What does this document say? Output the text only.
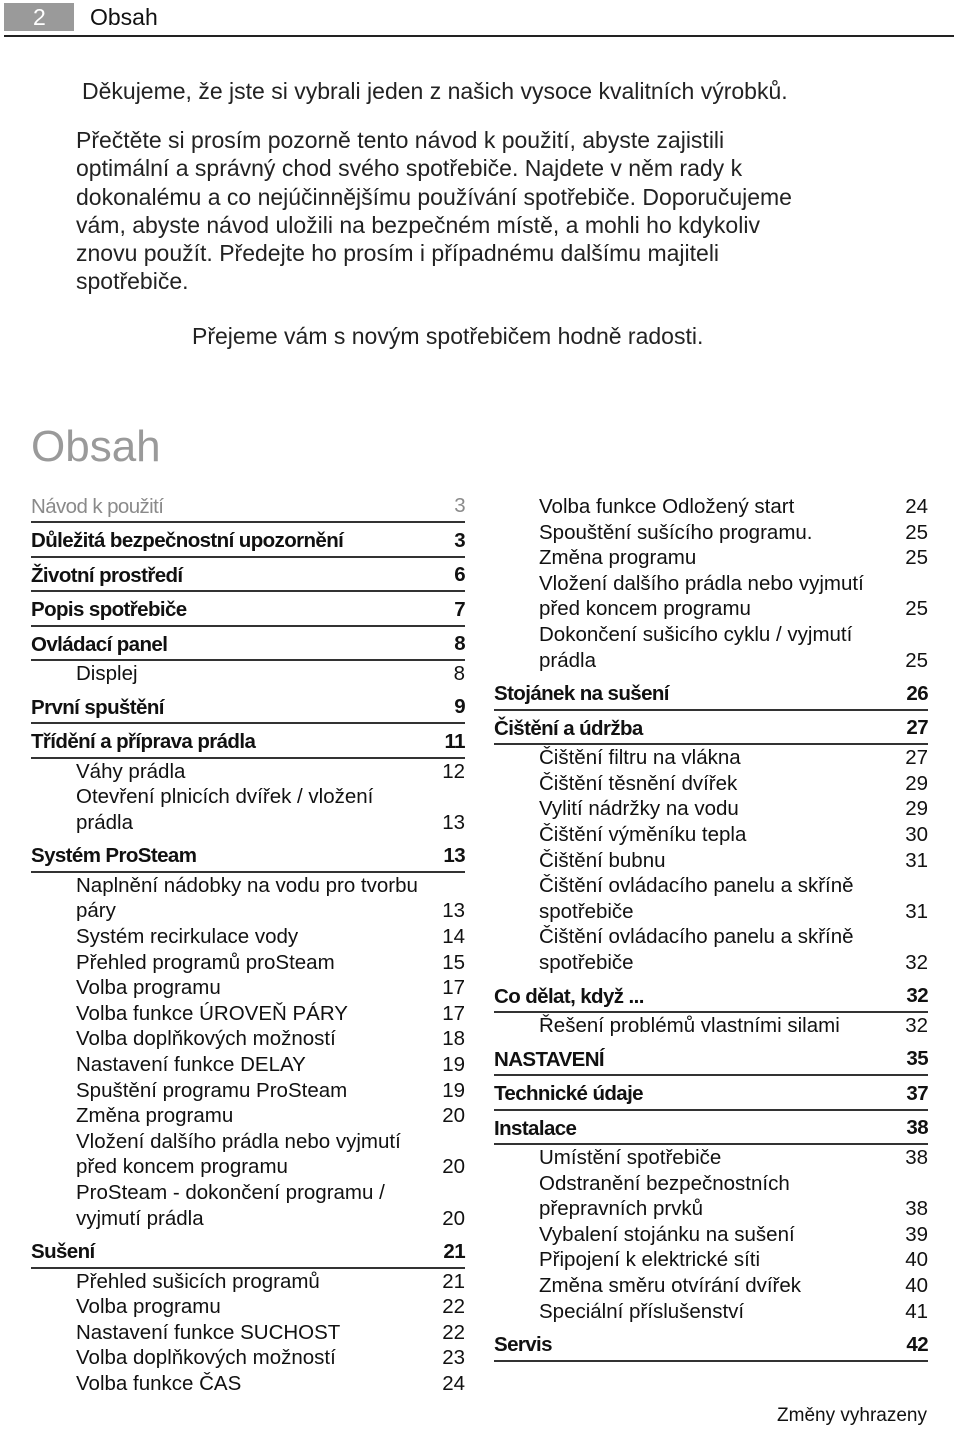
2	Obsah
Děkujeme, že jste si vybrali jeden z našich vysoce kvalitních výrobků.
Přečtěte si prosím pozorně tento návod k použití, abyste zajistili
optimální a správný chod svého spotřebiče. Najdete v něm rady k
dokonalému a co nejúčinnějšímu používání spotřebiče. Doporučujeme
vám, abyste návod uložili na bezpečném místě, a mohli ho kdykoliv
znovu použít. Předejte ho prosím i případnému dalšímu majiteli
spotřebiče.
Přejeme vám s novým spotřebičem hodně radosti.
Obsah
Návod k použití	3
Důležitá bezpečnostní upozornění	3
Životní prostředí	6
Popis spotřebiče	7
Ovládací panel	8
Displej	8
První spuštění	9
Třídění a příprava prádla	11
Váhy prádla	12
Otevření plnicích dvířek / vložení prádla	13
Systém ProSteam	13
Naplnění nádobky na vodu pro tvorbu páry	13
Systém recirkulace vody	14
Přehled programů proSteam	15
Volba programu	17
Volba funkce ÚROVEŇ PÁRY	17
Volba doplňkových možností	18
Nastavení funkce DELAY	19
Spuštění programu ProSteam	19
Změna programu	20
Vložení dalšího prádla nebo vyjmutí před koncem programu	20
ProSteam - dokončení programu / vyjmutí prádla	20
Sušení	21
Přehled sušicích programů	21
Volba programu	22
Nastavení funkce SUCHOST	22
Volba doplňkových možností	23
Volba funkce ČAS	24
Volba funkce Odložený start	24
Spouštění sušícího programu.	25
Změna programu	25
Vložení dalšího prádla nebo vyjmutí před koncem programu	25
Dokončení sušicího cyklu / vyjmutí prádla	25
Stojánek na sušení	26
Čištění a údržba	27
Čištění filtru na vlákna	27
Čištění těsnění dvířek	29
Vylití nádržky na vodu	29
Čištění výměníku tepla	30
Čištění bubnu	31
Čištění ovládacího panelu a skříně spotřebiče	31
Čištění ovládacího panelu a skříně spotřebiče	32
Co dělat, když ...	32
Řešení problémů vlastními silami	32
NASTAVENÍ	35
Technické údaje	37
Instalace	38
Umístění spotřebiče	38
Odstranění bezpečnostních přepravních prvků	38
Vybalení stojánku na sušení	39
Připojení k elektrické síti	40
Změna směru otvírání dvířek	40
Speciální příslušenství	41
Servis	42
Změny vyhrazeny
